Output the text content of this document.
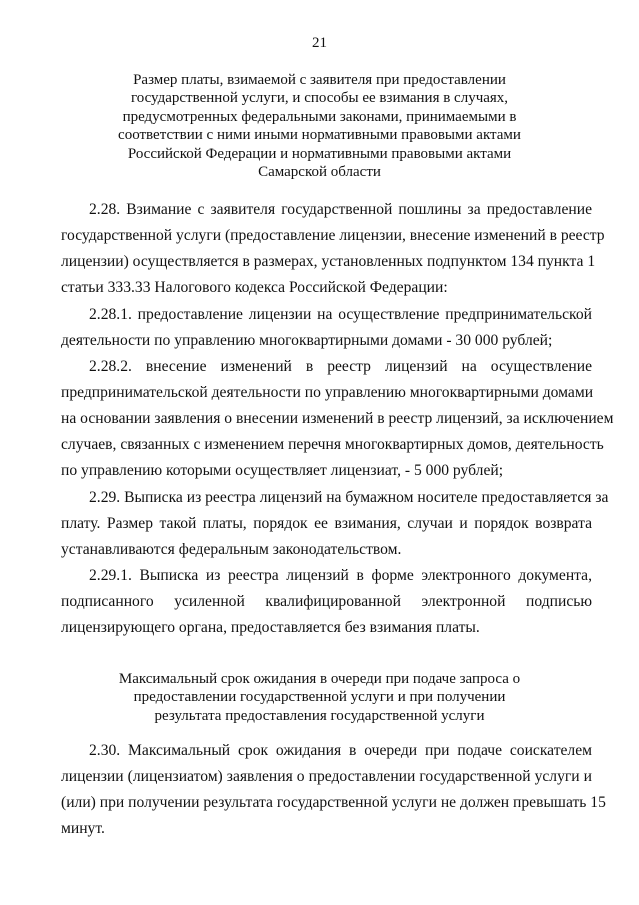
21
Размер платы, взимаемой с заявителя при предоставлении
государственной услуги, и способы ее взимания в случаях,
предусмотренных федеральными законами, принимаемыми в
соответствии с ними иными нормативными правовыми актами
Российской Федерации и нормативными правовыми актами
Самарской области
2.28. Взимание с заявителя государственной пошлины за предоставление
государственной услуги (предоставление лицензии, внесение изменений в реестр
лицензии) осуществляется в размерах, установленных подпунктом 134 пункта 1
статьи 333.33 Налогового кодекса Российской Федерации:
2.28.1. предоставление лицензии на осуществление предпринимательской
деятельности по управлению многоквартирными домами - 30 000 рублей;
2.28.2. внесение изменений в реестр лицензий на осуществление
предпринимательской деятельности по управлению многоквартирными домами
на основании заявления о внесении изменений в реестр лицензий, за исключением
случаев, связанных с изменением перечня многоквартирных домов, деятельность
по управлению которыми осуществляет лицензиат, - 5 000 рублей;
2.29. Выписка из реестра лицензий на бумажном носителе предоставляется за
плату. Размер такой платы, порядок ее взимания, случаи и порядок возврата
устанавливаются федеральным законодательством.
2.29.1. Выписка из реестра лицензий в форме электронного документа,
подписанного усиленной квалифицированной электронной подписью
лицензирующего органа, предоставляется без взимания платы.
Максимальный срок ожидания в очереди при подаче запроса о
предоставлении государственной услуги и при получении
результата предоставления государственной услуги
2.30. Максимальный срок ожидания в очереди при подаче соискателем
лицензии (лицензиатом) заявления о предоставлении государственной услуги и
(или) при получении результата государственной услуги не должен превышать 15
минут.
